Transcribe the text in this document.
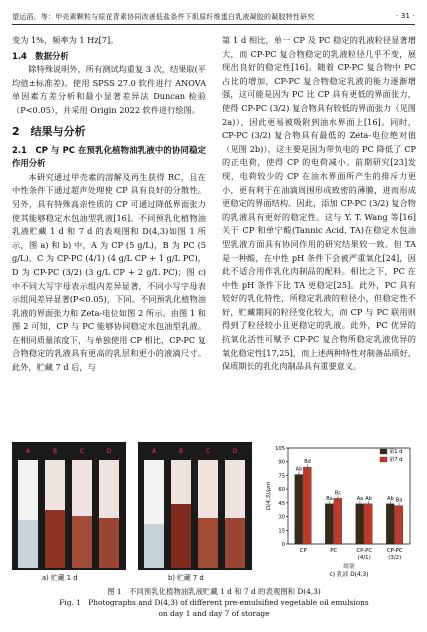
望运滔，等：甲壳素颗粒与原花青素协同改善低盐条件下肌原纤维蛋白乳液凝胶的凝胶特性研究	· 31 ·

变为 1%，频率为 1 Hz[7]。

1.4　数据分析

除特殊说明外，所有测试均重复 3 次，结果取(平均值±标准差)。使用 SPSS 27.0 软件进行 ANOVA 单因素方差分析和最小显著差异法 Duncan 检验（P<0.05），并采用 Origin 2022 软件进行绘图。

2　结果与分析
2.1　CP 与 PC 在预乳化植物油乳液中的协同稳定作用分析

本研究通过甲壳素的溶解及再生获得 RC，且在中性条件下通过超声处理使 CP 具有良好的分散性。另外，具有特殊高亲性质的 CP 可通过降低界面张力使其能够稳定水包油型乳液[16]。不同预乳化植物油乳液贮藏 1 d 和 7 d 的表观图和 D(4,3)如图 1 所示，图 a) 和 b) 中，A 为 CP (5 g/L)，B 为 PC (5 g/L)，C 为 CP-PC (4/1) (4 g/L CP + 1 g/L PC)，D 为 CP-PC (3/2) (3 g/L CP + 2 g/L PC)；图 c) 中不同大写字母表示组内差异显著，不同小写字母表示组间差异显著(P<0.05)，下同。不同预乳化植物油乳液的界面张力和 Zeta-电位如图 2 所示。由图 1 和图 2 可知，CP 与 PC 能够协同稳定水包油型乳液。在相同质量浓度下，与单独使用 CP 相比，CP-PC 复合物稳定的乳液具有更高的乳层和更小的液滴尺寸。此外，贮藏 7 d 后，与

第 1 d 相比，单一 CP 及 PC 稳定的乳液粒径显著增大，而 CP-PC 复合物稳定的乳液粒径几乎不变，展现出良好的稳定性[16]。随着 CP-PC 复合物中 PC 占比的增加，CP-PC 复合物稳定乳液的能力逐渐增强，这可能是因为 PC 比 CP 具有更低的界面张力，使得 CP-PC (3/2) 复合物具有较低的界面张力（见图 2a)），因此更易被吸附到油水界面上[16]。同时，CP-PC (3/2) 复合物具有最低的 Zeta-电位绝对值（见图 2b)），这主要是因为带负电的 PC 降低了 CP 的正电荷，使得 CP 的电荷减小。前期研究[23]发现，电荷较少的 CP 在油水界面所产生的排斥力更小，更有利于在油滴周围形成致密的薄膜，进而形成更稳定的界面结构。因此，添加 CP-PC (3/2) 复合物的乳液具有更好的稳定性。这与 Y. T. Wang 等[16]关于 CP 和单宁酸(Tannic Acid, TA)在稳定水包油型乳液方面具有协同作用的研究结果较一致。但 TA 是一种酸，在中性 pH 条件下会被严重氧化[24]，因此不适合用作乳化肉制品的配料。相比之下，PC 在中性 pH 条件下比 TA 更稳定[25]。此外，PC 具有较好的乳化特性，所稳定乳液的粒径小，但稳定性不好，贮藏期间的粒径变化较大，而 CP 与 PC 联用则得到了粒径较小且更稳定的乳液。此外，PC 优异的抗氧化活性可赋予 CP-PC 复合物所稳定乳液优异的氧化稳定性[17,25]，而上述两种特性对制备品质好、保质期长的乳化肉制品具有重要意义。

A	B	C	D
a) 贮藏 1 d
A	B	C	D
b) 贮藏 7 d
0
15
30
45
60
75
90
105
D(4,3)/μm
Ab
Ba	Aa	Ab
Bd
Bc
Ab	Ba
CP	PC	CP-PC
(4/1)
CP-PC
(3/2)
组别
c) 乳液 D(4,3)
第1 d
第7 d
图 1　不同预乳化植物油乳液贮藏 1 d 和 7 d 的表观图和 D(4,3)
Fig. 1　Photographs and D(4,3) of different pre-emulsified vegetable oil emulsions
on day 1 and day 7 of storage
